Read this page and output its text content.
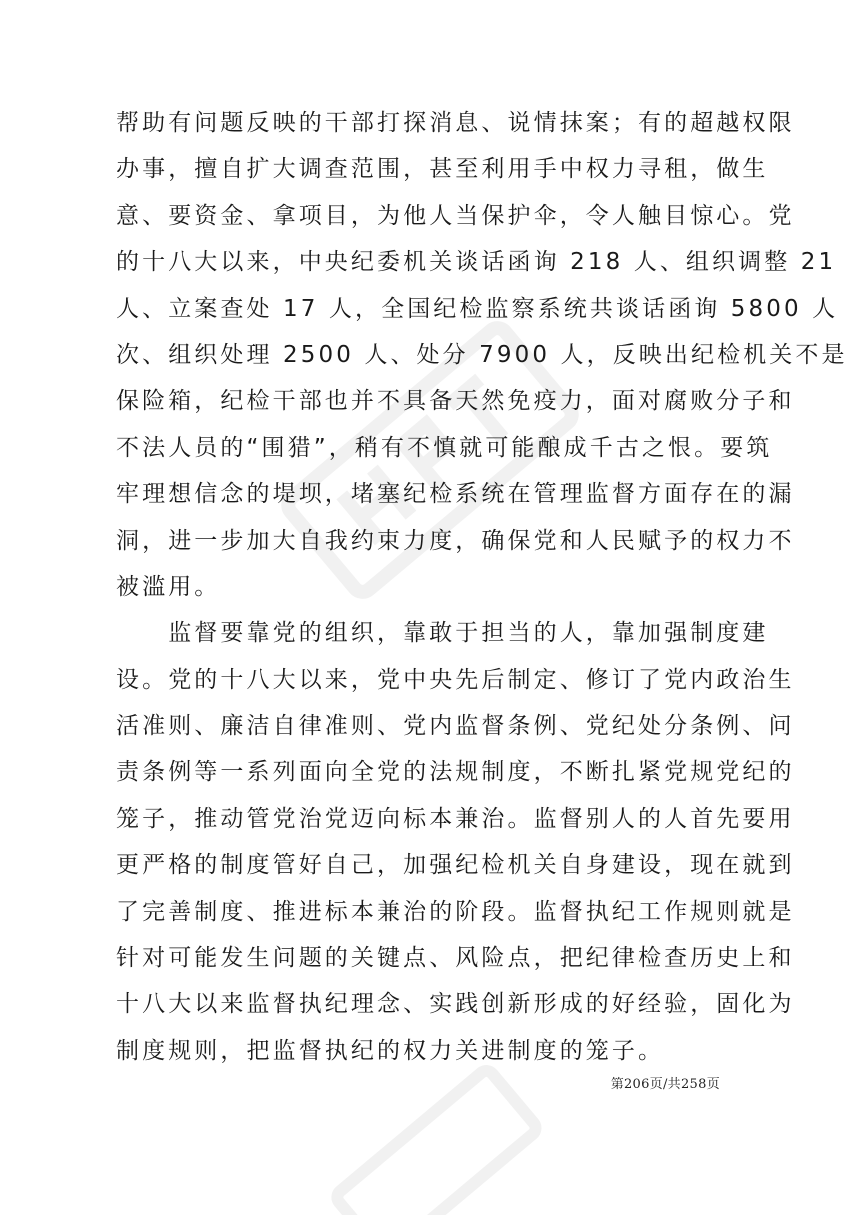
帮助有问题反映的干部打探消息、说情抹案；有的超越权限
办事，擅自扩大调查范围，甚至利用手中权力寻租，做生
意、要资金、拿项目，为他人当保护伞，令人触目惊心。党
的十八大以来，中央纪委机关谈话函询 218 人、组织调整 21
人、立案查处 17 人，全国纪检监察系统共谈话函询 5800 人
次、组织处理 2500 人、处分 7900 人，反映出纪检机关不是
保险箱，纪检干部也并不具备天然免疫力，面对腐败分子和
不法人员的“围猎”，稍有不慎就可能酿成千古之恨。要筑
牢理想信念的堤坝，堵塞纪检系统在管理监督方面存在的漏
洞，进一步加大自我约束力度，确保党和人民赋予的权力不
被滥用。
　　监督要靠党的组织，靠敢于担当的人，靠加强制度建
设。党的十八大以来，党中央先后制定、修订了党内政治生
活准则、廉洁自律准则、党内监督条例、党纪处分条例、问
责条例等一系列面向全党的法规制度，不断扎紧党规党纪的
笼子，推动管党治党迈向标本兼治。监督别人的人首先要用
更严格的制度管好自己，加强纪检机关自身建设，现在就到
了完善制度、推进标本兼治的阶段。监督执纪工作规则就是
针对可能发生问题的关键点、风险点，把纪律检查历史上和
十八大以来监督执纪理念、实践创新形成的好经验，固化为
制度规则，把监督执纪的权力关进制度的笼子。
第206页/共258页
